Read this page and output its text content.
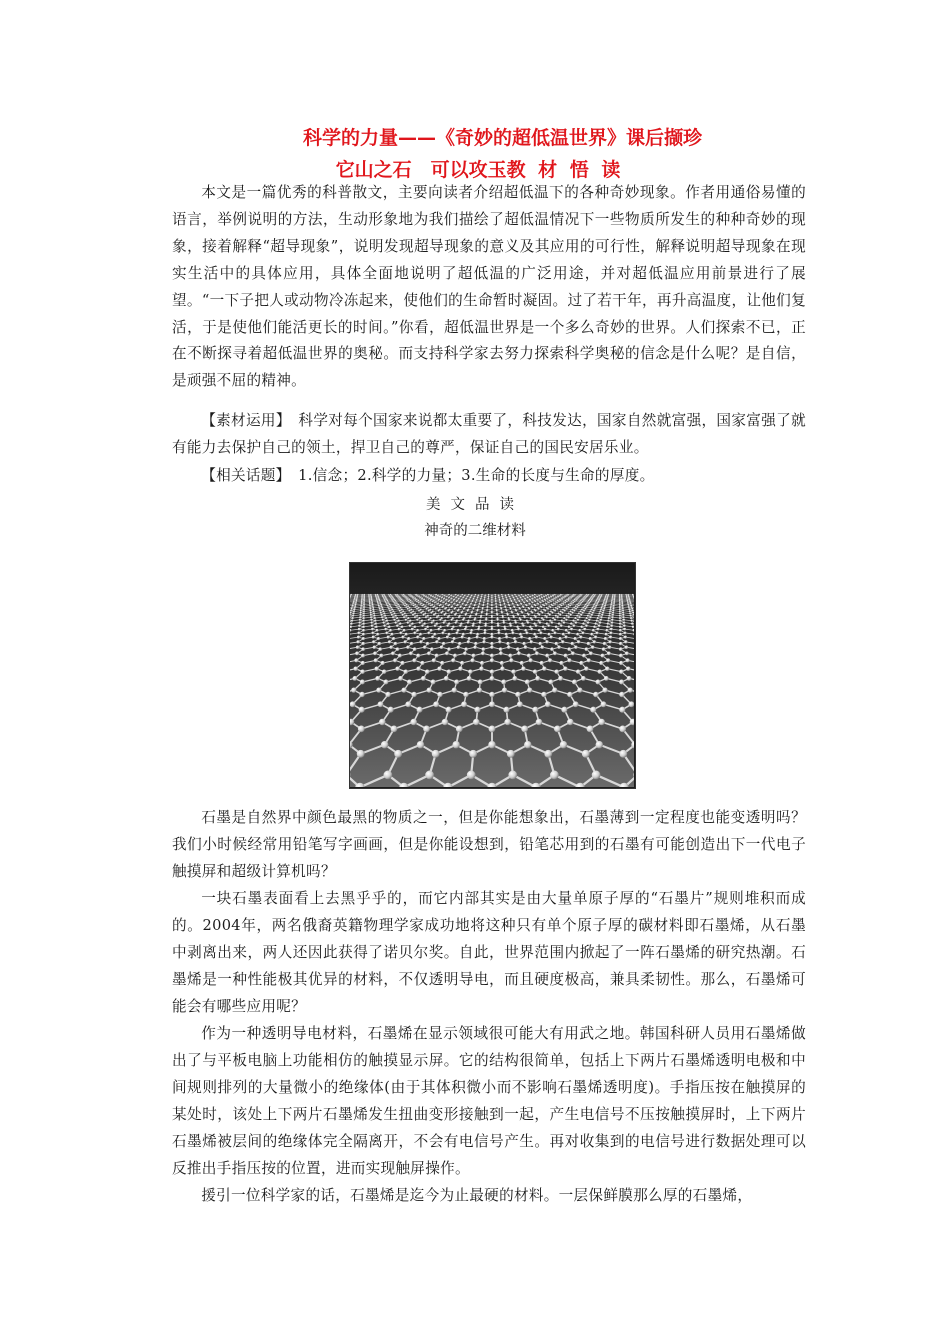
科学的力量——《奇妙的超低温世界》课后撷珍
它山之石　可以攻玉教 材 悟 读

本文是一篇优秀的科普散文，主要向读者介绍超低温下的各种奇妙现象。作者用通俗易懂的语言，举例说明的方法，生动形象地为我们描绘了超低温情况下一些物质所发生的种种奇妙的现象，接着解释“超导现象”，说明发现超导现象的意义及其应用的可行性，解释说明超导现象在现实生活中的具体应用，具体全面地说明了超低温的广泛用途，并对超低温应用前景进行了展望。“一下子把人或动物冷冻起来，使他们的生命暂时凝固。过了若干年，再升高温度，让他们复活，于是使他们能活更长的时间。”你看，超低温世界是一个多么奇妙的世界。人们探索不已，正在不断探寻着超低温世界的奥秘。而支持科学家去努力探索科学奥秘的信念是什么呢？是自信，是顽强不屈的精神。

【素材运用】　科学对每个国家来说都太重要了，科技发达，国家自然就富强，国家富强了就有能力去保护自己的领土，捍卫自己的尊严，保证自己的国民安居乐业。

【相关话题】　1.信念；2.科学的力量；3.生命的长度与生命的厚度。

美文品读

神奇的二维材料

石墨是自然界中颜色最黑的物质之一，但是你能想象出，石墨薄到一定程度也能变透明吗？我们小时候经常用铅笔写字画画，但是你能设想到，铅笔芯用到的石墨有可能创造出下一代电子触摸屏和超级计算机吗？

一块石墨表面看上去黑乎乎的，而它内部其实是由大量单原子厚的“石墨片”规则堆积而成的。2004年，两名俄裔英籍物理学家成功地将这种只有单个原子厚的碳材料即石墨烯，从石墨中剥离出来，两人还因此获得了诺贝尔奖。自此，世界范围内掀起了一阵石墨烯的研究热潮。石墨烯是一种性能极其优异的材料，不仅透明导电，而且硬度极高，兼具柔韧性。那么，石墨烯可能会有哪些应用呢？

作为一种透明导电材料，石墨烯在显示领域很可能大有用武之地。韩国科研人员用石墨烯做出了与平板电脑上功能相仿的触摸显示屏。它的结构很简单，包括上下两片石墨烯透明电极和中间规则排列的大量微小的绝缘体(由于其体积微小而不影响石墨烯透明度)。手指压按在触摸屏的某处时，该处上下两片石墨烯发生扭曲变形接触到一起，产生电信号不压按触摸屏时，上下两片石墨烯被层间的绝缘体完全隔离开，不会有电信号产生。再对收集到的电信号进行数据处理可以反推出手指压按的位置，进而实现触屏操作。

援引一位科学家的话，石墨烯是迄今为止最硬的材料。一层保鲜膜那么厚的石墨烯，
